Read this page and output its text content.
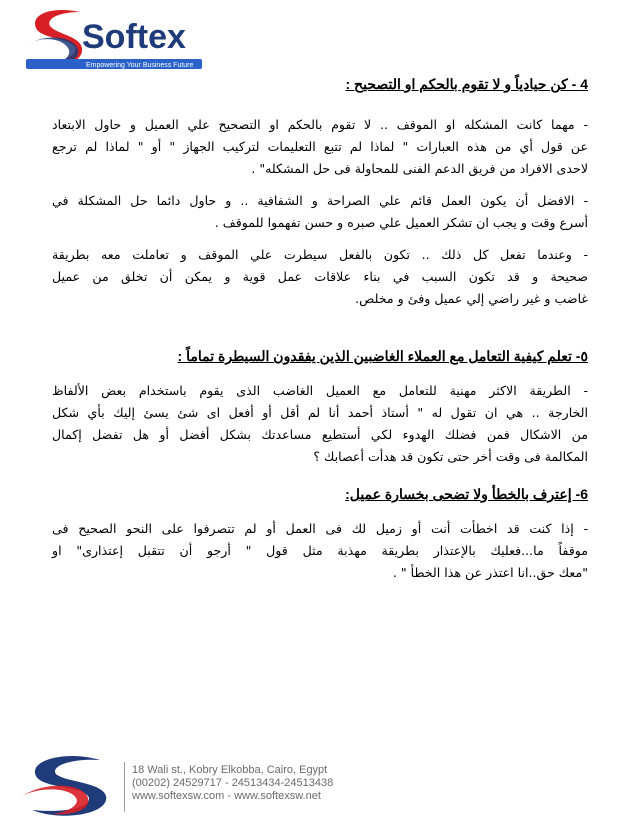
Softex
Empowering Your Business Future

4 - كن حيادياً و لا تقوم بالحكم او التصحيح :

- مهما كانت المشكله او الموقف .. لا تقوم بالحكم او التصحيح علي العميل و حاول الابتعاد
عن قول أي من هذه العبارات " لماذا لم تتبع التعليمات لتركيب الجهاز " أو " لماذا لم ترجع
لاحدى الافراد من فريق الدعم الفنى للمحاولة فى حل المشكله" .

- الافضل أن يكون العمل قائم علي الصراحة و الشفافية .. و حاول دائما حل المشكلة في
أسرع وقت و يجب ان تشكر العميل علي صبره و حسن تفهموا للموقف .

- وعندما تفعل كل ذلك .. تكون بالفعل سيطرت علي الموقف و تعاملت معه بطريقة
صحيحة و قد تكون السبب في بناء علاقات عمل قوية و يمكن أن تخلق من عميل
غاضب و غير راضي إلي عميل وفئ و مخلص.

٥- تعلم كيفية التعامل مع العملاء الغاضبين الذين يفقدون السيطرة تماماً :

- الطريقة الاكثر مهنية للتعامل مع العميل الغاضب الذى يقوم باستخدام بعض الألفاظ
الخارجة .. هي ان تقول له " أستاذ أحمد أنا لم أقل أو أفعل اى شئ يسئ إليك بأي شكل
من الاشكال فمن فضلك الهدوء لكي أستطيع مساعدتك بشكل أفضل أو هل تفضل إكمال
المكالمة فى وقت أخر حتى تكون قد هدأت أعصابك ؟

6- إعترف بالخطأ ولا تضحى بخسارة عميل:

- إذا كنت قد اخطأت أنت أو زميل لك فى العمل أو لم تتصرفوا على النحو الصحيح فى
موقفاً ما...فعليك بالإعتذار بطريقة مهذبة مثل قول " أرجو أن تتقبل إعتذارى" او
"معك حق..انا اعتذر عن هذا الخطأ " .

18 Wali st., Kobry Elkobba, Cairo, Egypt
(00202) 24529717 - 24513434-24513438
www.softexsw.com - www.softexsw.net
